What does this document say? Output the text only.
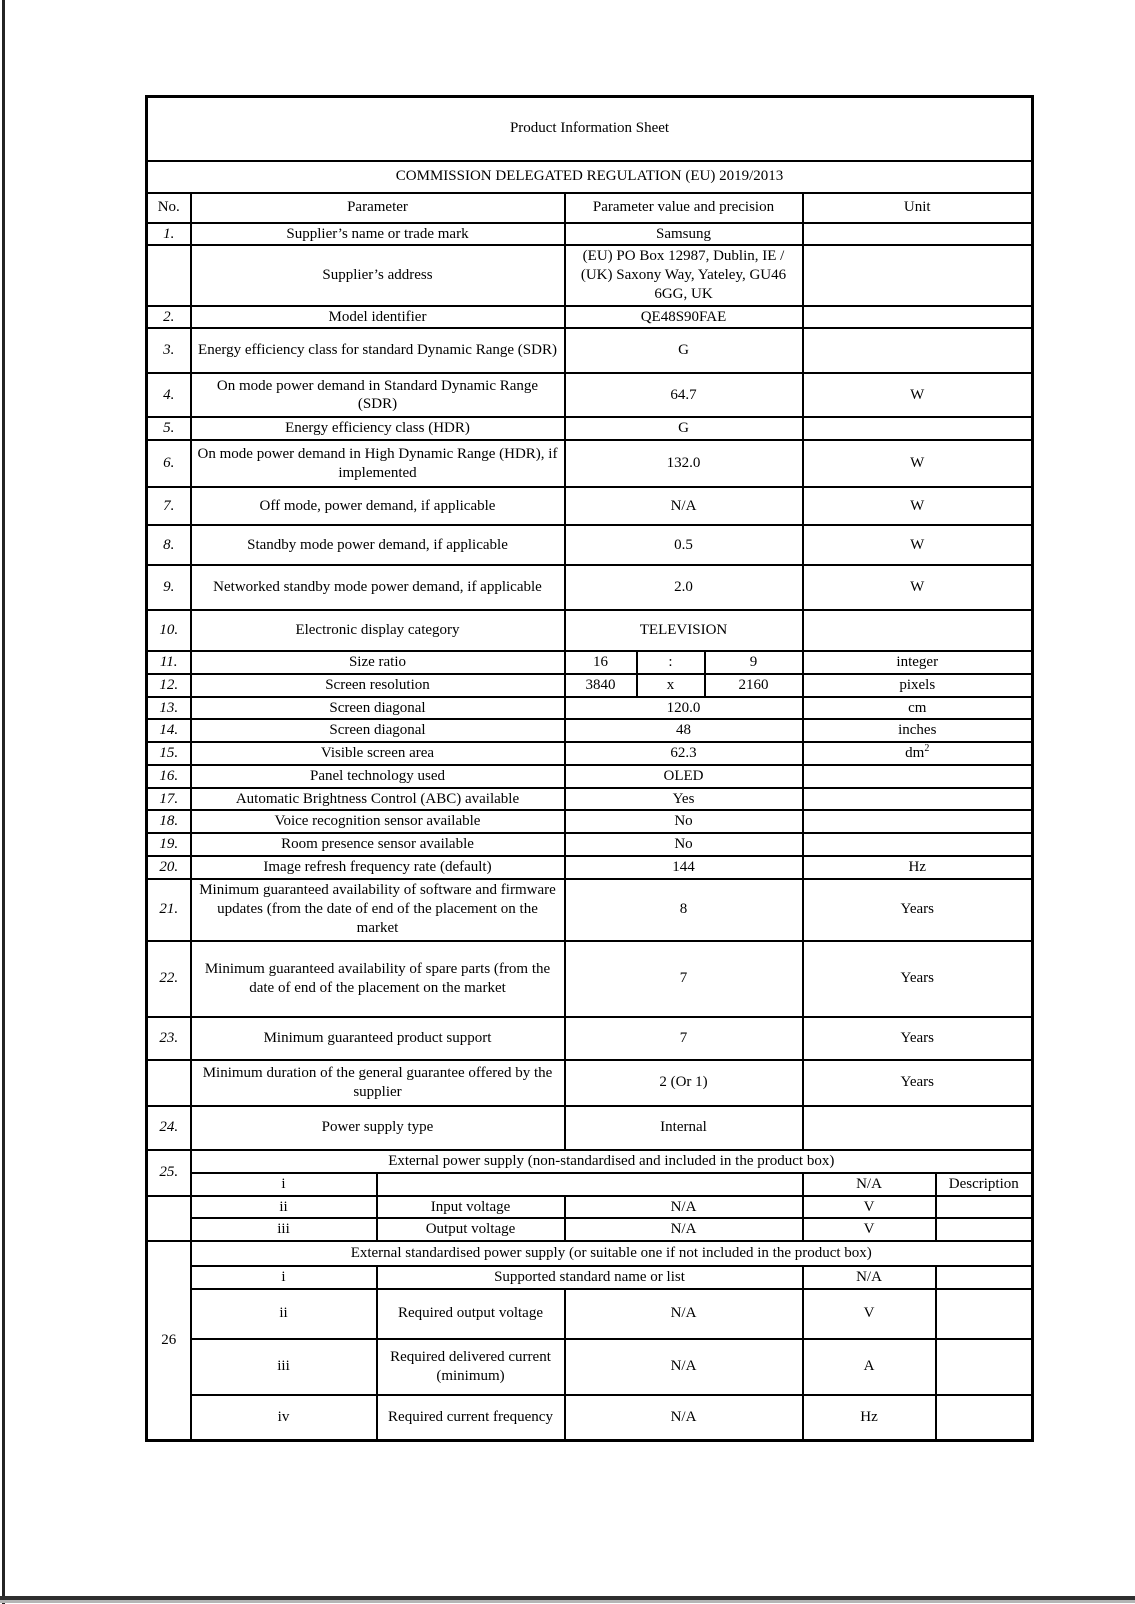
Product Information Sheet							
COMMISSION DELEGATED REGULATION (EU) 2019/2013							
No.	Parameter		Parameter value and precision			Unit	
1.	Supplier’s name or trade mark		Samsung				
	Supplier’s address		(EU) PO Box 12987, Dublin, IE / (UK) Saxony Way, Yateley, GU46 6GG, UK				
2.	Model identifier		QE48S90FAE				
3.	Energy efficiency class for standard Dynamic Range (SDR)		G				
4.	On mode power demand in Standard Dynamic Range (SDR)		64.7			W	
5.	Energy efficiency class (HDR)		G				
6.	On mode power demand in High Dynamic Range (HDR), if implemented		132.0			W	
7.	Off mode, power demand, if applicable		N/A			W	
8.	Standby mode power demand, if applicable		0.5			W	
9.	Networked standby mode power demand, if applicable		2.0			W	
10.	Electronic display category		TELEVISION				
11.	Size ratio		16	:	9	integer	
12.	Screen resolution		3840	x	2160	pixels	
13.	Screen diagonal		120.0			cm	
14.	Screen diagonal		48			inches	
15.	Visible screen area		62.3			$dm^2$
16.	Panel technology used		OLED				
17.	Automatic Brightness Control (ABC) available		Yes				
18.	Voice recognition sensor available		No				
19.	Room presence sensor available		No				
20.	Image refresh frequency rate (default)		144			Hz	
21.	Minimum guaranteed availability of software and firmware updates (from the date of end of the placement on the market		8			Years	
22.	Minimum guaranteed availability of spare parts (from the date of end of the placement on the market		7			Years	
23.	Minimum guaranteed product support		7			Years	
	Minimum duration of the general guarantee offered by the supplier		2 (Or 1)			Years	
24.	Power supply type		Internal				
25.	External power supply (non-standardised and included in the product box)						
	i					N/A	Description
	ii	Input voltage	N/A			V	
	iii	Output voltage	N/A			V	
26	External standardised power supply (or suitable one if not included in the product box)						
	i	Supported standard name or list				N/A	
	ii	Required output voltage	N/A			V	
	iii	Required delivered current (minimum)	N/A			A	
	iv	Required current frequency	N/A			Hz	
